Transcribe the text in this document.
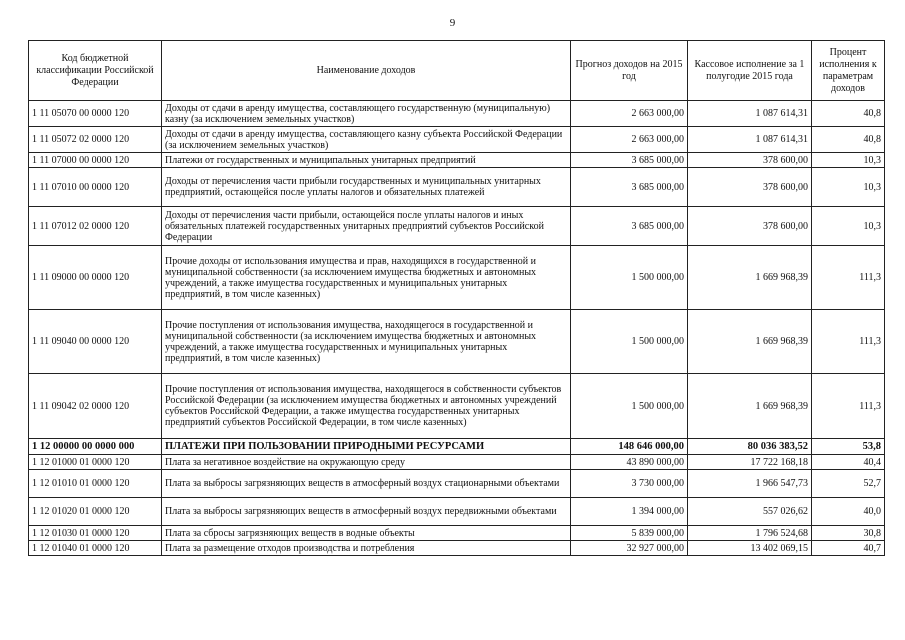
9
Код бюджетной классификации Российской Федерации	Наименование доходов	Прогноз доходов на 2015 год	Кассовое исполнение за 1 полугодие 2015 года	Процент исполнения к параметрам доходов
1 11 05070 00 0000 120	Доходы от сдачи в аренду имущества, составляющего государственную (муниципальную) казну (за исключением земельных участков)	2 663 000,00	1 087 614,31	40,8
1 11 05072 02 0000 120	Доходы от сдачи в аренду имущества, составляющего казну субъекта Российской Федерации (за исключением земельных участков)	2 663 000,00	1 087 614,31	40,8
1 11 07000 00 0000 120	Платежи от государственных и муниципальных унитарных предприятий	3 685 000,00	378 600,00	10,3
1 11 07010 00 0000 120	Доходы от перечисления части прибыли государственных и муниципальных унитарных предприятий, остающейся после уплаты налогов и обязательных платежей	3 685 000,00	378 600,00	10,3
1 11 07012 02 0000 120	Доходы от перечисления части прибыли, остающейся после уплаты налогов и иных обязательных платежей государственных унитарных предприятий субъектов Российской Федерации	3 685 000,00	378 600,00	10,3
1 11 09000 00 0000 120	Прочие доходы от использования имущества и прав, находящихся в государственной и муниципальной собственности (за исключением имущества бюджетных и автономных учреждений, а также имущества государственных и муниципальных унитарных предприятий, в том числе казенных)	1 500 000,00	1 669 968,39	111,3
1 11 09040 00 0000 120	Прочие поступления от использования имущества, находящегося в государственной и муниципальной собственности (за исключением имущества бюджетных и автономных учреждений, а также имущества государственных и муниципальных унитарных предприятий, в том числе казенных)	1 500 000,00	1 669 968,39	111,3
1 11 09042 02 0000 120	Прочие поступления от использования имущества, находящегося в собственности субъектов Российской Федерации (за исключением имущества бюджетных и автономных учреждений субъектов Российской Федерации, а также имущества государственных унитарных предприятий субъектов Российской Федерации, в том числе казенных)	1 500 000,00	1 669 968,39	111,3
1 12 00000 00 0000 000	ПЛАТЕЖИ ПРИ ПОЛЬЗОВАНИИ ПРИРОДНЫМИ РЕСУРСАМИ	148 646 000,00	80 036 383,52	53,8
1 12 01000 01 0000 120	Плата за негативное воздействие на окружающую среду	43 890 000,00	17 722 168,18	40,4
1 12 01010 01 0000 120	Плата за выбросы загрязняющих веществ в атмосферный воздух стационарными объектами	3 730 000,00	1 966 547,73	52,7
1 12 01020 01 0000 120	Плата за выбросы загрязняющих веществ в атмосферный воздух передвижными объектами	1 394 000,00	557 026,62	40,0
1 12 01030 01 0000 120	Плата за сбросы загрязняющих веществ в водные объекты	5 839 000,00	1 796 524,68	30,8
1 12 01040 01 0000 120	Плата за размещение отходов производства и потребления	32 927 000,00	13 402 069,15	40,7
